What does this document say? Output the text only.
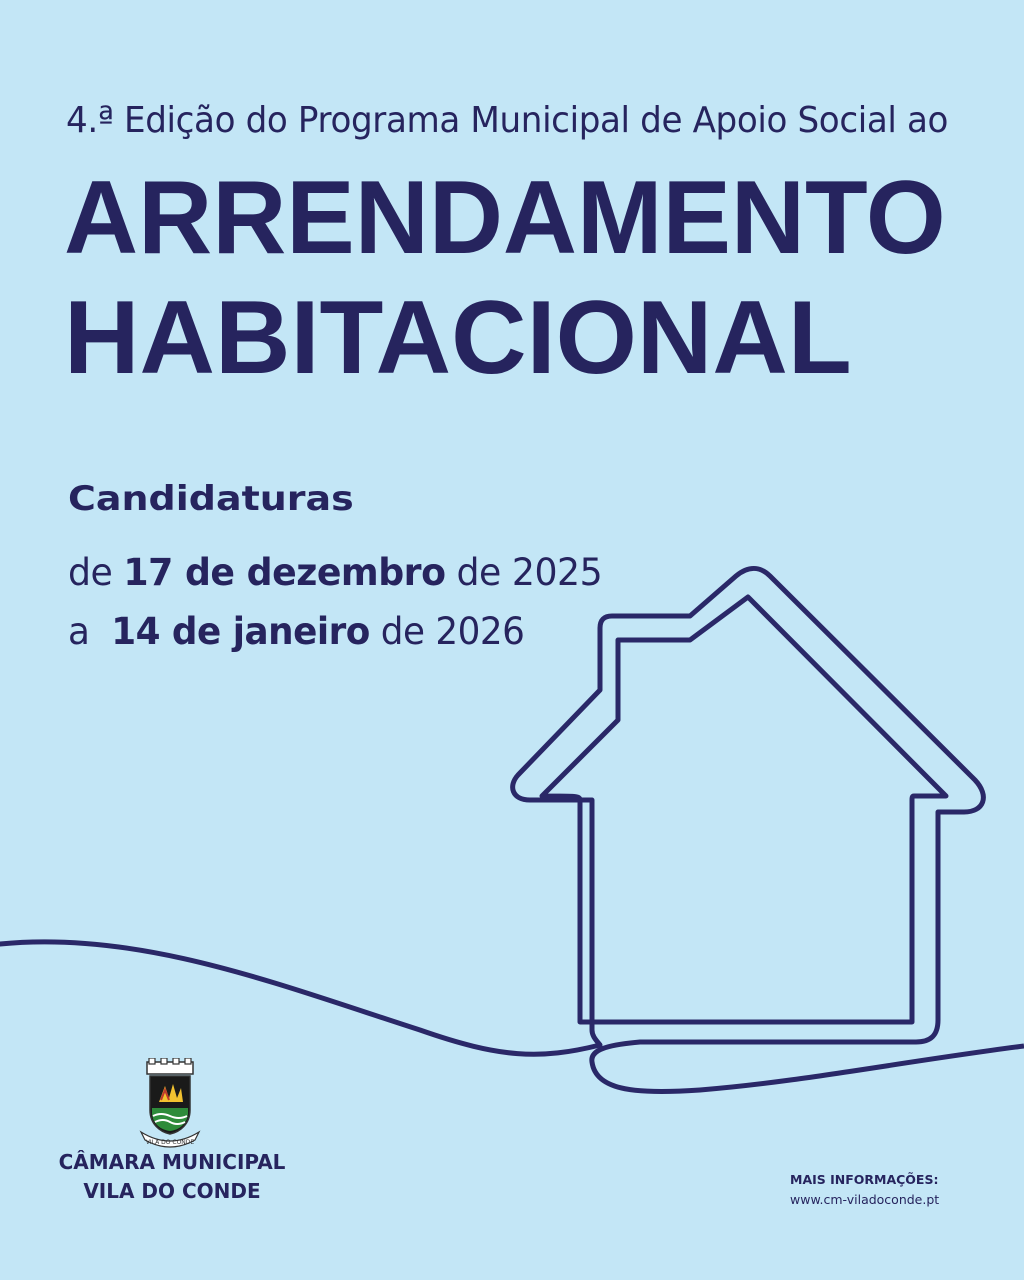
4.ª Edição do Programa Municipal de Apoio Social ao
ARRENDAMENTO
HABITACIONAL
Candidaturas
de 17 de dezembro de 2025
a  14 de janeiro de 2026
VILA DO CONDE
CÂMARA MUNICIPAL
VILA DO CONDE	MAIS INFORMAÇÕES:
www.cm-viladoconde.pt
